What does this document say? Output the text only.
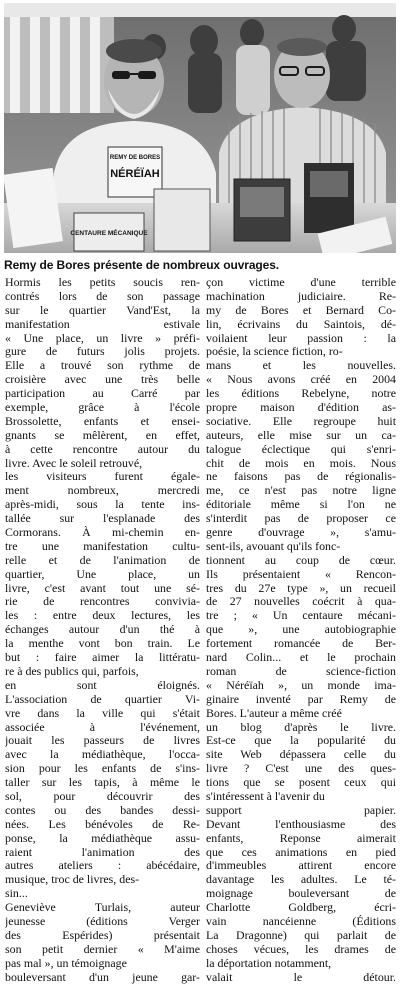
REMY DE BORES
NÉRÉÏAH
CENTAURE MÉCANIQUE
Remy de Bores présente de nombreux ouvrages.
Hormis les petits soucis ren-
contrés lors de son passage
sur le quartier Vand'Est, la
manifestation estivale
« Une place, un livre » préfi-
gure de futurs jolis projets.
Elle a trouvé son rythme de
croisière avec une très belle
participation au Carré par
exemple, grâce à l'école
Brossolette, enfants et ensei-
gnants se mêlèrent, en effet,
à cette rencontre autour du
livre. Avec le soleil retrouvé,
les visiteurs furent égale-
ment nombreux, mercredi
après-midi, sous la tente ins-
tallée sur l'esplanade des
Cormorans. À mi-chemin en-
tre une manifestation cultu-
relle et de l'animation de
quartier, Une place, un
livre, c'est avant tout une sé-
rie de rencontres convivia-
les : entre deux lectures, les
échanges autour d'un thé à
la menthe vont bon train. Le
but : faire aimer la littératu-
re à des publics qui, parfois,
en sont éloignés.
L'association de quartier Vi-
vre dans la ville qui s'était
associée à l'événement,
jouait les passeurs de livres
avec la médiathèque, l'occa-
sion pour les enfants de s'ins-
taller sur les tapis, à même le
sol, pour découvrir des
contes ou des bandes dessi-
nées. Les bénévoles de Re-
ponse, la médiathèque assu-
raient l'animation des
autres ateliers : abécédaire,
musique, troc de livres, des-
sin...
Geneviève Turlais, auteur
jeunesse (éditions Verger
des Espérides) présentait
son petit dernier « M'aime
pas mal », un témoignage
bouleversant d'un jeune gar-
çon victime d'une terrible
machination judiciaire. Re-
my de Bores et Bernard Co-
lin, écrivains du Saintois, dé-
voilaient leur passion : la
poésie, la science fiction, ro-
mans et les nouvelles.
« Nous avons créé en 2004
les éditions Rebelyne, notre
propre maison d'édition as-
sociative. Elle regroupe huit
auteurs, elle mise sur un ca-
talogue éclectique qui s'enri-
chit de mois en mois. Nous
ne faisons pas de régionalis-
me, ce n'est pas notre ligne
éditoriale même si l'on ne
s'interdit pas de proposer ce
genre d'ouvrage », s'amu-
sent-ils, avouant qu'ils fonc-
tionnent au coup de cœur.
Ils présentaient « Rencon-
tres du 27e type », un recueil
de 27 nouvelles coécrit à qua-
tre ; « Un centaure mécani-
que », une autobiographie
fortement romancée de Ber-
nard Colin... et le prochain
roman de science-fiction
« Néréïah », un monde ima-
ginaire inventé par Remy de
Bores. L'auteur a même créé
un blog d'après le livre.
Est-ce que la popularité du
site Web dépassera celle du
livre ? C'est une des ques-
tions que se posent ceux qui
s'intéressent à l'avenir du
support papier.
Devant l'enthousiasme des
enfants, Reponse aimerait
que ces animations en pied
d'immeubles attirent encore
davantage les adultes. Le té-
moignage bouleversant de
Charlotte Goldberg, écri-
vain nancéienne (Éditions
La Dragonne) qui parlait de
choses vécues, les drames de
la déportation notamment,
valait le détour.
